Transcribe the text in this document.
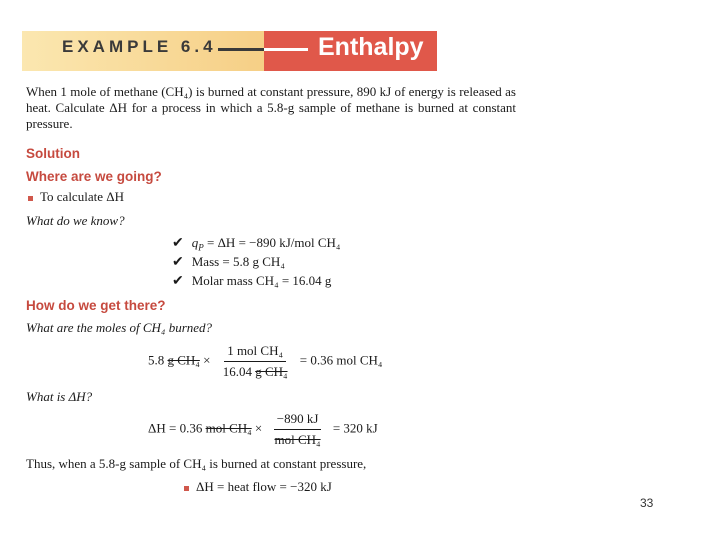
EXAMPLE 6.4	Enthalpy
When 1 mole of methane (CH₄) is burned at constant pressure, 890 kJ of energy is released as heat. Calculate ΔH for a process in which a 5.8-g sample of methane is burned at constant pressure.
Solution
Where are we going?
To calculate ΔH
What do we know?
✔ $q_P = \Delta H = -890$ kJ/mol CH₄
✔ Mass = 5.8 g CH₄
✔ Molar mass CH₄ = 16.04 g
How do we get there?
What are the moles of CH₄ burned?
5.8 g $CH_4 \times \frac{\text{1 mol CH₄}}{\text{16.04 g CH₄}} = 0.36$ mol CH₄
What is ΔH?
ΔH = 0.36 mol $CH_4 \times \frac{-890 kJ}{\text{mol CH₄}} = 320$ kJ
Thus, when a 5.8-g sample of CH₄ is burned at constant pressure,
ΔH = heat flow = −320 kJ
33
